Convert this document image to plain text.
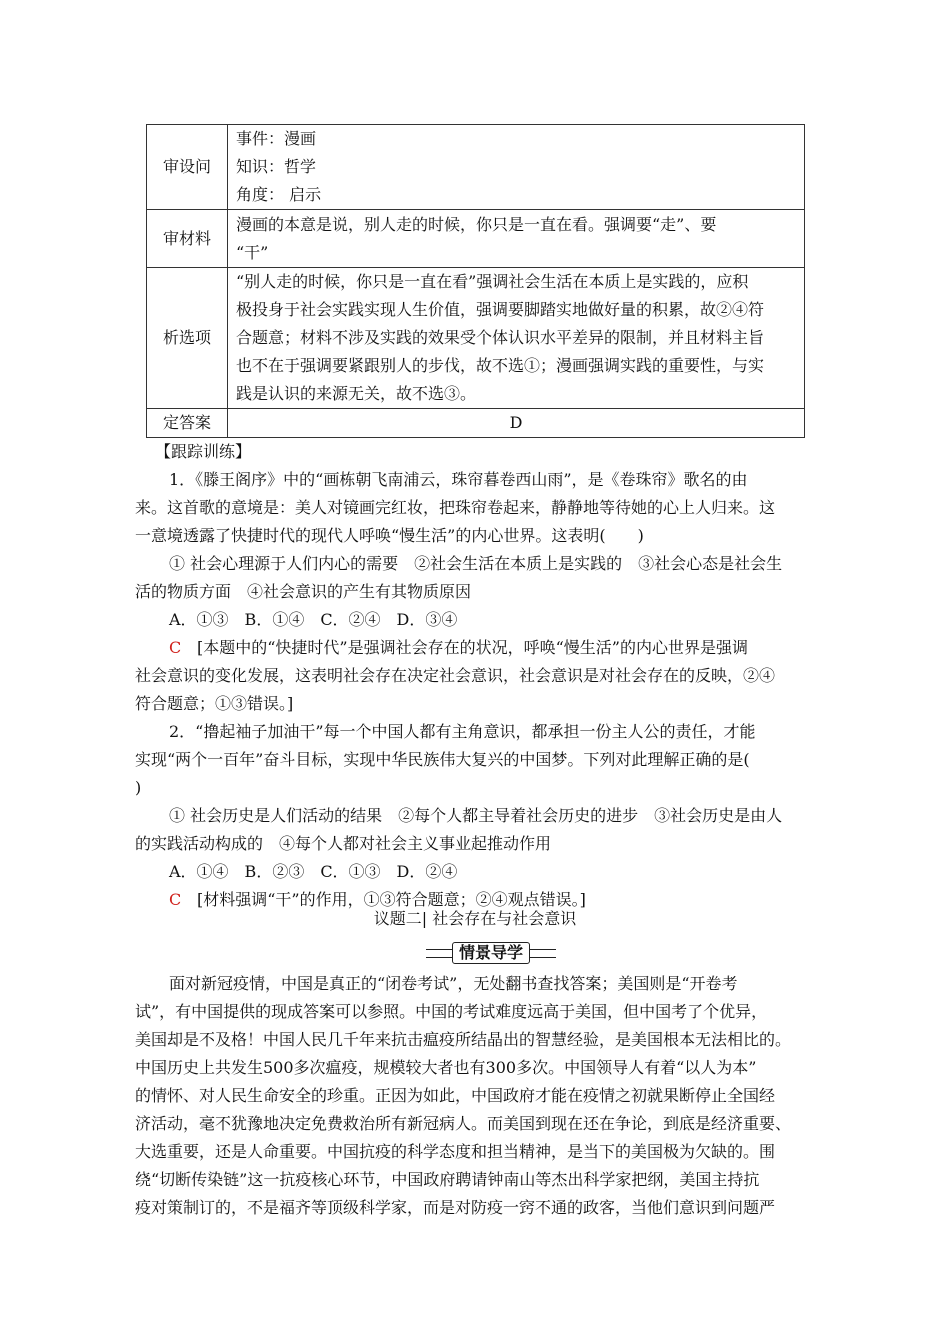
审设问	事件：漫画
知识：哲学
角度： 启示

审材料	漫画的本意是说，别人走的时候，你只是一直在看。强调要“走”、要
“干”

析选项	“别人走的时候，你只是一直在看”强调社会生活在本质上是实践的，应积
极投身于社会实践实现人生价值，强调要脚踏实地做好量的积累，故②④符
合题意；材料不涉及实践的效果受个体认识水平差异的限制，并且材料主旨
也不在于强调要紧跟别人的步伐，故不选①；漫画强调实践的重要性，与实
践是认识的来源无关，故不选③。

定答案	D

【跟踪训练】

1．《滕王阁序》中的“画栋朝飞南浦云，珠帘暮卷西山雨”，是《卷珠帘》歌名的由

来。这首歌的意境是：美人对镜画完红妆，把珠帘卷起来，静静地等待她的心上人归来。这

一意境透露了快捷时代的现代人呼唤“慢生活”的内心世界。这表明(　　)

① 社会心理源于人们内心的需要　②社会生活在本质上是实践的　③社会心态是社会生

活的物质方面　④社会意识的产生有其物质原因

A．①③　B．①④　C．②④　D．③④

C [本题中的“快捷时代”是强调社会存在的状况，呼唤“慢生活”的内心世界是强调

社会意识的变化发展，这表明社会存在决定社会意识，社会意识是对社会存在的反映，②④

符合题意；①③错误。]

2．“撸起袖子加油干”每一个中国人都有主角意识，都承担一份主人公的责任，才能

实现“两个一百年”奋斗目标，实现中华民族伟大复兴的中国梦。下列对此理解正确的是(

)

① 社会历史是人们活动的结果　②每个人都主导着社会历史的进步　③社会历史是由人

的实践活动构成的　④每个人都对社会主义事业起推动作用

A．①④　B．②③　C．①③　D．②④

C [材料强调“干”的作用，①③符合题意；②④观点错误。]

议题二| 社会存在与社会意识
情景导学

面对新冠疫情，中国是真正的“闭卷考试”，无处翻书查找答案；美国则是“开卷考

试”，有中国提供的现成答案可以参照。中国的考试难度远高于美国，但中国考了个优异，

美国却是不及格！中国人民几千年来抗击瘟疫所结晶出的智慧经验，是美国根本无法相比的。

中国历史上共发生500多次瘟疫，规模较大者也有300多次。中国领导人有着“以人为本”

的情怀、对人民生命安全的珍重。正因为如此，中国政府才能在疫情之初就果断停止全国经

济活动，毫不犹豫地决定免费救治所有新冠病人。而美国到现在还在争论，到底是经济重要、

大选重要，还是人命重要。中国抗疫的科学态度和担当精神，是当下的美国极为欠缺的。围

绕“切断传染链”这一抗疫核心环节，中国政府聘请钟南山等杰出科学家把纲，美国主持抗

疫对策制订的，不是福齐等顶级科学家，而是对防疫一窍不通的政客，当他们意识到问题严
